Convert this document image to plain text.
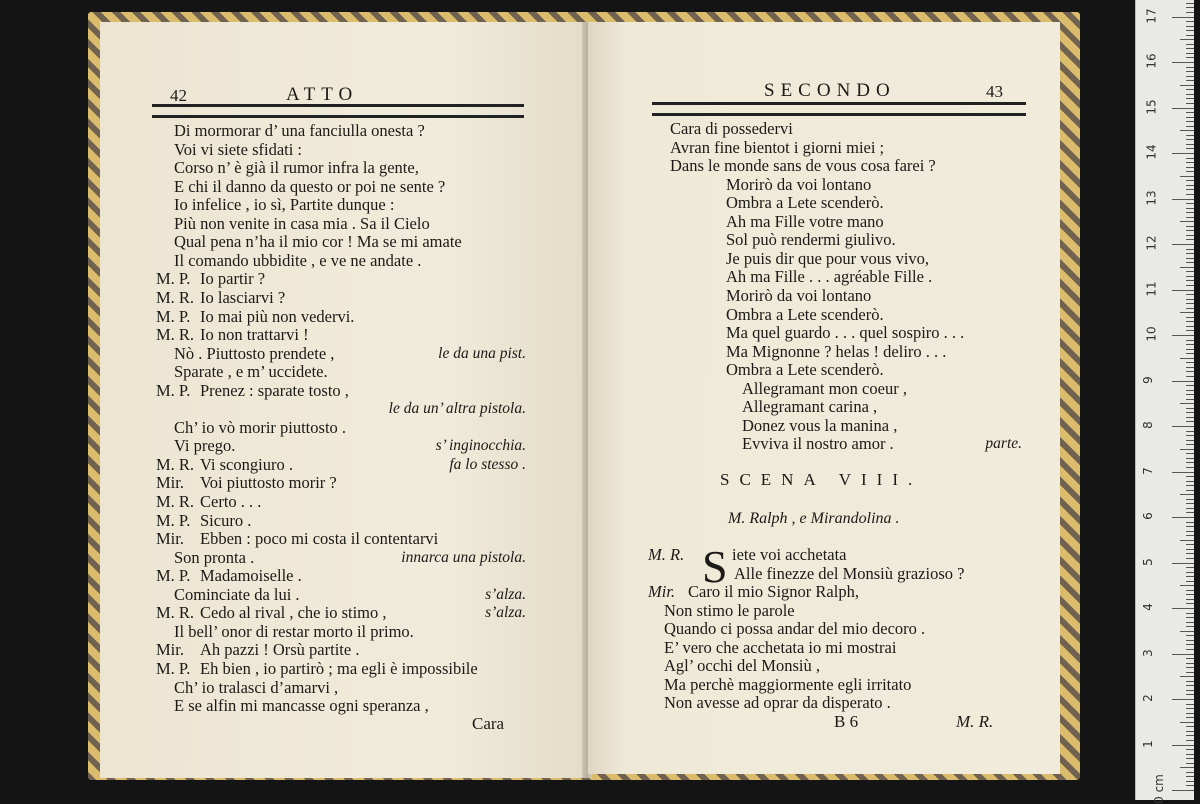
42	ATTO
Di mormorar d’ una fanciulla onesta ?
Voi vi siete sfidati :
Corso n’ è già il rumor infra la gente,
E chi il danno da questo or poi ne sente ?
Io infelice , io sì, Partite dunque :
Più non venite in casa mia . Sa il Cielo
Qual pena n’ha il mio cor ! Ma se mi amate
Il comando ubbidite , e ve ne andate .
M. P. Io partir ?
M. R. Io lasciarvi ?
M. P. Io mai più non vedervi.
M. R. Io non trattarvi !
Nò . Piuttosto prendete ,	le da una pist.
Sparate , e m’ uccidete.
M. P. Prenez : sparate tosto ,
le da un’ altra pistola.
Ch’ io vò morir piuttosto .
Vi prego.	s’ inginocchia.
M. R. Vi scongiuro .	fa lo stesso .
Mir. Voi piuttosto morir ?
M. R. Certo . . .
M. P. Sicuro .
Mir. Ebben : poco mi costa il contentarvi
Son pronta .	innarca una pistola.
M. P. Madamoiselle .
Cominciate da lui .	s’alza.
M. R. Cedo al rival , che io stimo ,	s’alza.
Il bell’ onor di restar morto il primo.
Mir. Ah pazzi ! Orsù partite .
M. P. Eh bien , io partirò ; ma egli è impossibile
Ch’ io tralasci d’amarvi ,
E se alfin mi mancasse ogni speranza ,
Cara
SECONDO	43
Cara di possedervi
Avran fine bientot i giorni miei ;
Dans le monde sans de vous cosa farei ?
Morirò da voi lontano
Ombra a Lete scenderò.
Ah ma Fille votre mano
Sol può rendermi giulivo.
Je puis dir que pour vous vivo,
Ah ma Fille . . . agréable Fille .
Morirò da voi lontano
Ombra a Lete scenderò.
Ma quel guardo . . . quel sospiro . . .
Ma Mignonne ? helas ! deliro . . .
Ombra a Lete scenderò.
Allegramant mon coeur ,
Allegramant carina ,
Donez vous la manina ,
Evviva il nostro amor .	parte.
SCENA VIII.
M. Ralph , e Mirandolina .
S
M. R.	iete voi acchetata
Alle finezze del Monsiù grazioso ?
Mir. Caro il mio Signor Ralph,
Non stimo le parole
Quando ci possa andar del mio decoro .
E’ vero che acchetata io mi mostrai
Agl’ occhi del Monsiù ,
Ma perchè maggiormente egli irritato
Non avesse ad oprar da disperato .
B 6	M. R.
0 cm
1
2
3
4
5
6
7
8
9
10
11
12
13
14
15
16
17
